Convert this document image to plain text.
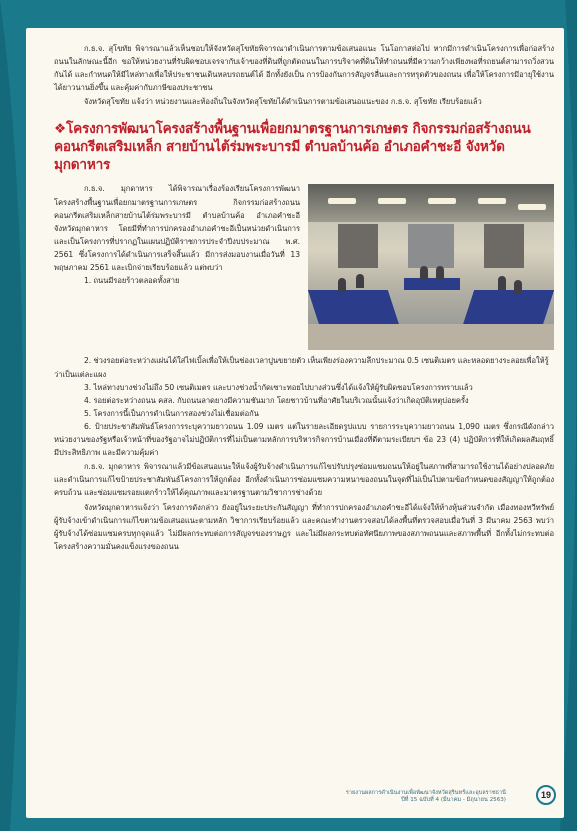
ก.ธ.จ. สุโขทัย พิจารณาแล้วเห็นชอบให้จังหวัดสุโขทัยพิจารณาดำเนินการตามข้อเสนอแนะ โนโอกาสต่อไป หากมีการดำเนินโครงการเพื่อก่อสร้างถนนในลักษณะนี้อีก ขอให้หน่วยงานที่รับผิดชอบเจรจากับเจ้าของที่ดินที่ถูกตัดถนนในการบริจาคที่ดินให้ทำถนนที่มีความกว้างเพียงพอที่รถยนต์สามารถวิ่งสวนกันได้ และกำหนดให้มีไหล่ทางเพื่อให้ประชาชนเดินหลบรถยนต์ได้ อีกทั้งยังเป็น การป้องกันการสัญจรลื่นและการทรุดตัวของถนน เพื่อให้โครงการมีอายุใช้งานได้ยาวนานยิ่งขึ้น และคุ้มค่ากับภาษีของประชาชน

จังหวัดสุโขทัย แจ้งว่า หน่วยงานและท้องถิ่นในจังหวัดสุโขทัยได้ดำเนินการตามข้อเสนอแนะของ ก.ธ.จ. สุโขทัย เรียบร้อยแล้ว

❖โครงการพัฒนาโครงสร้างพื้นฐานเพื่อยกมาตรฐานการเกษตร กิจกรรมก่อสร้างถนนคอนกรีตเสริมเหล็ก สายบ้านไต้ร่มพระบารมี ตำบลบ้านค้อ อำเภอคำชะอี จังหวัดมุกดาหาร

ก.ธ.จ. มุกดาหาร ได้พิจารณาเรื่องร้องเรียนโครงการพัฒนาโครงสร้างพื้นฐานเพื่อยกมาตรฐานการเกษตร กิจกรรมก่อสร้างถนนคอนกรีตเสริมเหล็กสายบ้านไต้ร่มพระบารมี ตำบลบ้านค้อ อำเภอคำชะอี จังหวัดมุกดาหาร โดยมีที่ทำการปกครองอำเภอคำชะอีเป็นหน่วยดำเนินการและเป็นโครงการที่ปรากฏในแผนปฏิบัติราชการประจำปีงบประมาณ พ.ศ. 2561 ซึ่งโครงการได้ดำเนินการเสร็จสิ้นแล้ว มีการส่งมอบงานเมื่อวันที่ 13 พฤษภาคม 2561 และเบิกจ่ายเรียบร้อยแล้ว แต่พบว่า

1. ถนนมีรอยร้าวตลอดทั้งสาย

2. ช่วงรอยต่อระหว่างแผ่นได้ใส่ไฟเบิ้ลเพื่อให้เป็นช่องเวลาปูนขยายตัว เห็นเพียงร่องความลึกประมาณ 0.5 เซนติเมตร และหลอดยางระลอยเพื่อให้รู้ว่าเป็นแต่ละแผง

3. ไหล่ทางบางช่วงไม่ถึง 50 เซนติเมตร และบางช่วงน้ำกัดเซาะทอยไปบางส่วนซึ่งได้แจ้งให้ผู้รับผิดชอบโครงการทราบแล้ว

4. รอยต่อระหว่างถนน คสล. กับถนนลาดยางมีความชันมาก โดยชาวบ้านที่อาศัยในบริเวณนั้นแจ้งว่าเกิดอุบัติเหตุบ่อยครั้ง

5. โครงการนี้เป็นการดำเนินการสองช่วงไม่เชื่อมต่อกัน

6. ป้ายประชาสัมพันธ์โครงการระบุความยาวถนน 1.09 เมตร แต่ในรายละเอียดรูปแบบ รายการระบุความยาวถนน 1,090 เมตร ซึ่งกรณีดังกล่าวหน่วยงานของรัฐหรือเจ้าหน้าที่ของรัฐอาจไม่ปฏิบัติการที่ไม่เป็นตามหลักการบริหารกิจการบ้านเมืองที่ดีตามระเบียบฯ ข้อ 23 (4) ปฏิบัติการที่ให้เกิดผลสัมฤทธิ์ มีประสิทธิภาพ และมีความคุ้มค่า

ก.ธ.จ. มุกดาหาร พิจารณาแล้วมีข้อเสนอแนะให้แจ้งผู้รับจ้างดำเนินการแก้ไขปรับปรุงซ่อมแซมถนนให้อยู่ในสภาพที่สามารถใช้งานได้อย่างปลอดภัยและดำเนินการแก้ไขป้ายประชาสัมพันธ์โครงการให้ถูกต้อง อีกทั้งดำเนินการซ่อมแซมความหนาของถนนในจุดที่ไม่เป็นไปตามข้อกำหนดของสัญญาให้ถูกต้องครบถ้วน และซ่อมแซมรอยแตกร้าวให้ได้คุณภาพและมาตรฐานตามวิชาการช่างด้วย

จังหวัดมุกดาหารแจ้งว่า โครงการดังกล่าว ยังอยู่ในระยะประกันสัญญา ที่ทำการปกครองอำเภอคำชะอีได้แจ้งให้ห้างหุ้นส่วนจำกัด เมืองทองทวีทรัพย์ ผู้รับจ้างเข้าดำเนินการแก้ไขตามข้อเสนอแนะตามหลัก วิชาการเรียบร้อยแล้ว และคณะทำงานตรวจสอบได้ลงพื้นที่ตรวจสอบเมื่อวันที่ 3 มีนาคม 2563 พบว่า ผู้รับจ้างได้ซ่อมแซมครบทุกจุดแล้ว ไม่มีผลกระทบต่อการสัญจรของราษฎร และไม่มีผลกระทบต่อทัศนียภาพของสภาพถนนและสภาพพื้นที่ อีกทั้งไม่กระทบต่อโครงสร้างความมั่นคงแข็งแรงของถนน

รายงานผลการดำเนินงานเพื่อพัฒนาจังหวัดสุรินทร์และอุบลราชธานี
ปีที่ 15 ฉบับที่ 4 (มีนาคม - มิถุนายน 2563)	19
